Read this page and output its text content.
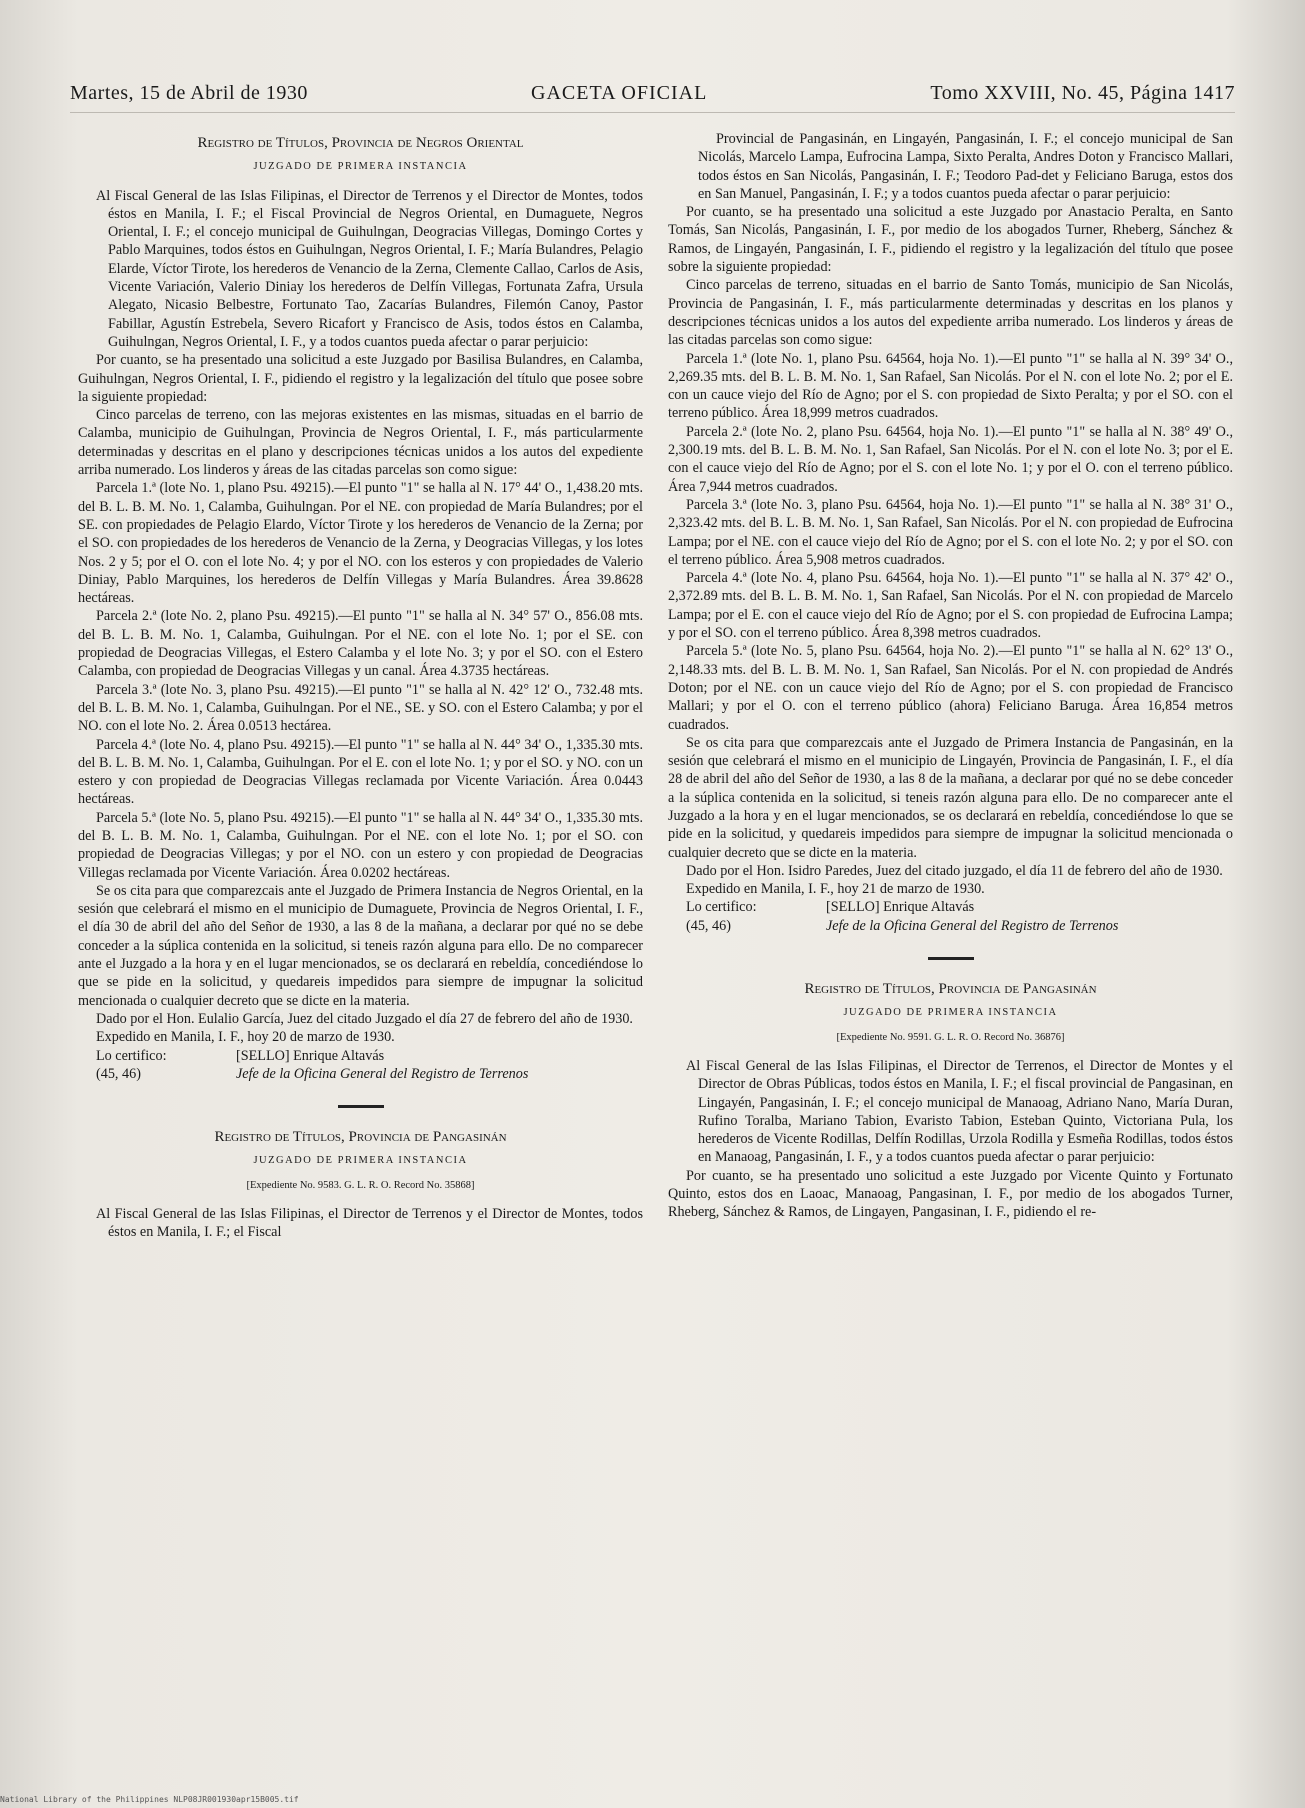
Martes, 15 de Abril de 1930	GACETA OFICIAL	Tomo XXVIII, No. 45, Página 1417
Registro de Títulos, Provincia de Negros Oriental
JUZGADO DE PRIMERA INSTANCIA

Al Fiscal General de las Islas Filipinas, el Director de Terrenos y el Director de Montes, todos éstos en Manila, I. F.; el Fiscal Provincial de Negros Oriental, en Dumaguete, Negros Oriental, I. F.; el concejo municipal de Guihulngan, Deogracias Villegas, Domingo Cortes y Pablo Marquines, todos éstos en Guihulngan, Negros Oriental, I. F.; María Bulandres, Pelagio Elarde, Víctor Tirote, los herederos de Venancio de la Zerna, Clemente Callao, Carlos de Asis, Vicente Variación, Valerio Diniay los herederos de Delfín Villegas, Fortunata Zafra, Ursula Alegato, Nicasio Belbestre, Fortunato Tao, Zacarías Bulandres, Filemón Canoy, Pastor Fabillar, Agustín Estrebela, Severo Ricafort y Francisco de Asis, todos éstos en Calamba, Guihulngan, Negros Oriental, I. F., y a todos cuantos pueda afectar o parar perjuicio:

Por cuanto, se ha presentado una solicitud a este Juzgado por Basilisa Bulandres, en Calamba, Guihulngan, Negros Oriental, I. F., pidiendo el registro y la legalización del título que posee sobre la siguiente propiedad:

Cinco parcelas de terreno, con las mejoras existentes en las mismas, situadas en el barrio de Calamba, municipio de Guihulngan, Provincia de Negros Oriental, I. F., más particularmente determinadas y descritas en el plano y descripciones técnicas unidos a los autos del expediente arriba numerado. Los linderos y áreas de las citadas parcelas son como sigue:

Parcela 1.ª (lote No. 1, plano Psu. 49215).—El punto "1" se halla al N. 17° 44' O., 1,438.20 mts. del B. L. B. M. No. 1, Calamba, Guihulngan. Por el NE. con propiedad de María Bulandres; por el SE. con propiedades de Pelagio Elardo, Víctor Tirote y los herederos de Venancio de la Zerna; por el SO. con propiedades de los herederos de Venancio de la Zerna, y Deogracias Villegas, y los lotes Nos. 2 y 5; por el O. con el lote No. 4; y por el NO. con los esteros y con propiedades de Valerio Diniay, Pablo Marquines, los herederos de Delfín Villegas y María Bulandres. Área 39.8628 hectáreas.

Parcela 2.ª (lote No. 2, plano Psu. 49215).—El punto "1" se halla al N. 34° 57' O., 856.08 mts. del B. L. B. M. No. 1, Calamba, Guihulngan. Por el NE. con el lote No. 1; por el SE. con propiedad de Deogracias Villegas, el Estero Calamba y el lote No. 3; y por el SO. con el Estero Calamba, con propiedad de Deogracias Villegas y un canal. Área 4.3735 hectáreas.

Parcela 3.ª (lote No. 3, plano Psu. 49215).—El punto "1" se halla al N. 42° 12' O., 732.48 mts. del B. L. B. M. No. 1, Calamba, Guihulngan. Por el NE., SE. y SO. con el Estero Calamba; y por el NO. con el lote No. 2. Área 0.0513 hectárea.

Parcela 4.ª (lote No. 4, plano Psu. 49215).—El punto "1" se halla al N. 44° 34' O., 1,335.30 mts. del B. L. B. M. No. 1, Calamba, Guihulngan. Por el E. con el lote No. 1; y por el SO. y NO. con un estero y con propiedad de Deogracias Villegas reclamada por Vicente Variación. Área 0.0443 hectáreas.

Parcela 5.ª (lote No. 5, plano Psu. 49215).—El punto "1" se halla al N. 44° 34' O., 1,335.30 mts. del B. L. B. M. No. 1, Calamba, Guihulngan. Por el NE. con el lote No. 1; por el SO. con propiedad de Deogracias Villegas; y por el NO. con un estero y con propiedad de Deogracias Villegas reclamada por Vicente Variación. Área 0.0202 hectáreas.

Se os cita para que comparezcais ante el Juzgado de Primera Instancia de Negros Oriental, en la sesión que celebrará el mismo en el municipio de Dumaguete, Provincia de Negros Oriental, I. F., el día 30 de abril del año del Señor de 1930, a las 8 de la mañana, a declarar por qué no se debe conceder a la súplica contenida en la solicitud, si teneis razón alguna para ello. De no comparecer ante el Juzgado a la hora y en el lugar mencionados, se os declarará en rebeldía, concediéndose lo que se pide en la solicitud, y quedareis impedidos para siempre de impugnar la solicitud mencionada o cualquier decreto que se dicte en la materia.

Dado por el Hon. Eulalio García, Juez del citado Juzgado el día 27 de febrero del año de 1930.

Expedido en Manila, I. F., hoy 20 de marzo de 1930.

Lo certifico:	[SELLO] Enrique Altavás
(45, 46)	Jefe de la Oficina General del Registro de Terrenos
Registro de Títulos, Provincia de Pangasinán
JUZGADO DE PRIMERA INSTANCIA
[Expediente No. 9583. G. L. R. O. Record No. 35868]

Al Fiscal General de las Islas Filipinas, el Director de Terrenos y el Director de Montes, todos éstos en Manila, I. F.; el Fiscal

Provincial de Pangasinán, en Lingayén, Pangasinán, I. F.; el concejo municipal de San Nicolás, Marcelo Lampa, Eufrocina Lampa, Sixto Peralta, Andres Doton y Francisco Mallari, todos éstos en San Nicolás, Pangasinán, I. F.; Teodoro Pad-det y Feliciano Baruga, estos dos en San Manuel, Pangasinán, I. F.; y a todos cuantos pueda afectar o parar perjuicio:

Por cuanto, se ha presentado una solicitud a este Juzgado por Anastacio Peralta, en Santo Tomás, San Nicolás, Pangasinán, I. F., por medio de los abogados Turner, Rheberg, Sánchez & Ramos, de Lingayén, Pangasinán, I. F., pidiendo el registro y la legalización del título que posee sobre la siguiente propiedad:

Cinco parcelas de terreno, situadas en el barrio de Santo Tomás, municipio de San Nicolás, Provincia de Pangasinán, I. F., más particularmente determinadas y descritas en los planos y descripciones técnicas unidos a los autos del expediente arriba numerado. Los linderos y áreas de las citadas parcelas son como sigue:

Parcela 1.ª (lote No. 1, plano Psu. 64564, hoja No. 1).—El punto "1" se halla al N. 39° 34' O., 2,269.35 mts. del B. L. B. M. No. 1, San Rafael, San Nicolás. Por el N. con el lote No. 2; por el E. con un cauce viejo del Río de Agno; por el S. con propiedad de Sixto Peralta; y por el SO. con el terreno público. Área 18,999 metros cuadrados.

Parcela 2.ª (lote No. 2, plano Psu. 64564, hoja No. 1).—El punto "1" se halla al N. 38° 49' O., 2,300.19 mts. del B. L. B. M. No. 1, San Rafael, San Nicolás. Por el N. con el lote No. 3; por el E. con el cauce viejo del Río de Agno; por el S. con el lote No. 1; y por el O. con el terreno público. Área 7,944 metros cuadrados.

Parcela 3.ª (lote No. 3, plano Psu. 64564, hoja No. 1).—El punto "1" se halla al N. 38° 31' O., 2,323.42 mts. del B. L. B. M. No. 1, San Rafael, San Nicolás. Por el N. con propiedad de Eufrocina Lampa; por el NE. con el cauce viejo del Río de Agno; por el S. con el lote No. 2; y por el SO. con el terreno público. Área 5,908 metros cuadrados.

Parcela 4.ª (lote No. 4, plano Psu. 64564, hoja No. 1).—El punto "1" se halla al N. 37° 42' O., 2,372.89 mts. del B. L. B. M. No. 1, San Rafael, San Nicolás. Por el N. con propiedad de Marcelo Lampa; por el E. con el cauce viejo del Río de Agno; por el S. con propiedad de Eufrocina Lampa; y por el SO. con el terreno público. Área 8,398 metros cuadrados.

Parcela 5.ª (lote No. 5, plano Psu. 64564, hoja No. 2).—El punto "1" se halla al N. 62° 13' O., 2,148.33 mts. del B. L. B. M. No. 1, San Rafael, San Nicolás. Por el N. con propiedad de Andrés Doton; por el NE. con un cauce viejo del Río de Agno; por el S. con propiedad de Francisco Mallari; y por el O. con el terreno público (ahora) Feliciano Baruga. Área 16,854 metros cuadrados.

Se os cita para que comparezcais ante el Juzgado de Primera Instancia de Pangasinán, en la sesión que celebrará el mismo en el municipio de Lingayén, Provincia de Pangasinán, I. F., el día 28 de abril del año del Señor de 1930, a las 8 de la mañana, a declarar por qué no se debe conceder a la súplica contenida en la solicitud, si teneis razón alguna para ello. De no comparecer ante el Juzgado a la hora y en el lugar mencionados, se os declarará en rebeldía, concediéndose lo que se pide en la solicitud, y quedareis impedidos para siempre de impugnar la solicitud mencionada o cualquier decreto que se dicte en la materia.

Dado por el Hon. Isidro Paredes, Juez del citado juzgado, el día 11 de febrero del año de 1930.

Expedido en Manila, I. F., hoy 21 de marzo de 1930.

Lo certifico:	[SELLO] Enrique Altavás
(45, 46)	Jefe de la Oficina General del Registro de Terrenos
Registro de Títulos, Provincia de Pangasinán
JUZGADO DE PRIMERA INSTANCIA
[Expediente No. 9591. G. L. R. O. Record No. 36876]

Al Fiscal General de las Islas Filipinas, el Director de Terrenos, el Director de Montes y el Director de Obras Públicas, todos éstos en Manila, I. F.; el fiscal provincial de Pangasinan, en Lingayén, Pangasinán, I. F.; el concejo municipal de Manaoag, Adriano Nano, María Duran, Rufino Toralba, Mariano Tabion, Evaristo Tabion, Esteban Quinto, Victoriana Pula, los herederos de Vicente Rodillas, Delfín Rodillas, Urzola Rodilla y Esmeña Rodillas, todos éstos en Manaoag, Pangasinán, I. F., y a todos cuantos pueda afectar o parar perjuicio:

Por cuanto, se ha presentado uno solicitud a este Juzgado por Vicente Quinto y Fortunato Quinto, estos dos en Laoac, Manaoag, Pangasinan, I. F., por medio de los abogados Turner, Rheberg, Sánchez & Ramos, de Lingayen, Pangasinan, I. F., pidiendo el re-

National Library of the Philippines NLP08JR001930apr15B005.tif
